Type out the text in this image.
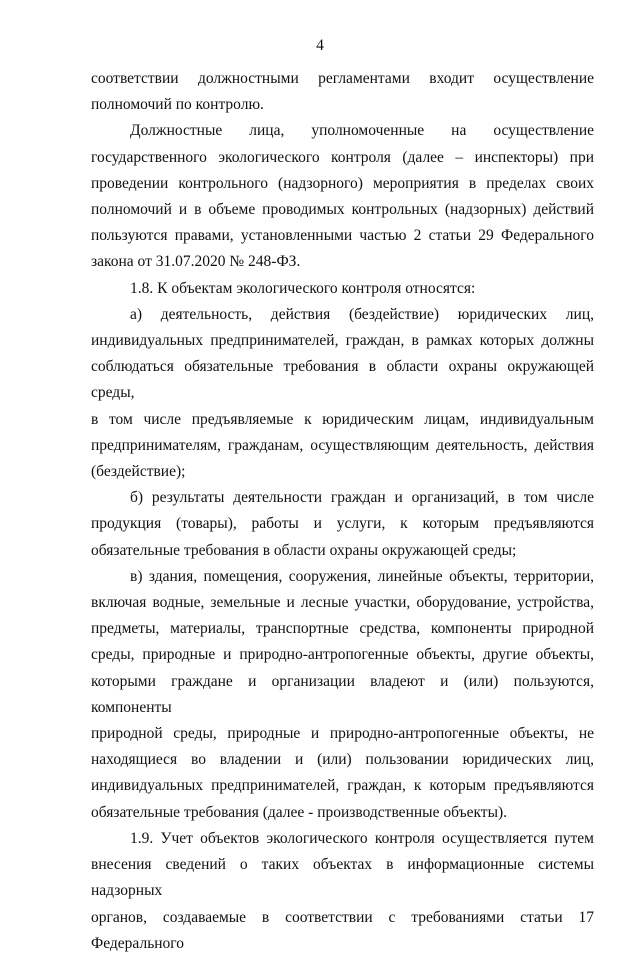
4

соответствии должностными регламентами входит осуществление

полномочий по контролю.

Должностные лица, уполномоченные на осуществление

государственного экологического контроля (далее – инспекторы) при

проведении контрольного (надзорного) мероприятия в пределах своих

полномочий и в объеме проводимых контрольных (надзорных) действий

пользуются правами, установленными частью 2 статьи 29 Федерального

закона от 31.07.2020 № 248-ФЗ.

1.8. К объектам экологического контроля относятся:

а) деятельность, действия (бездействие) юридических лиц,

индивидуальных предпринимателей, граждан, в рамках которых должны

соблюдаться обязательные требования в области охраны окружающей среды,

в том числе предъявляемые к юридическим лицам, индивидуальным

предпринимателям, гражданам, осуществляющим деятельность, действия

(бездействие);

б) результаты деятельности граждан и организаций, в том числе

продукция (товары), работы и услуги, к которым предъявляются

обязательные требования в области охраны окружающей среды;

в) здания, помещения, сооружения, линейные объекты, территории,

включая водные, земельные и лесные участки, оборудование, устройства,

предметы, материалы, транспортные средства, компоненты природной

среды, природные и природно-антропогенные объекты, другие объекты,

которыми граждане и организации владеют и (или) пользуются, компоненты

природной среды, природные и природно-антропогенные объекты, не

находящиеся во владении и (или) пользовании юридических лиц,

индивидуальных предпринимателей, граждан, к которым предъявляются

обязательные требования (далее - производственные объекты).

1.9. Учет объектов экологического контроля осуществляется путем

внесения сведений о таких объектах в информационные системы надзорных

органов, создаваемые в соответствии с требованиями статьи 17 Федерального
